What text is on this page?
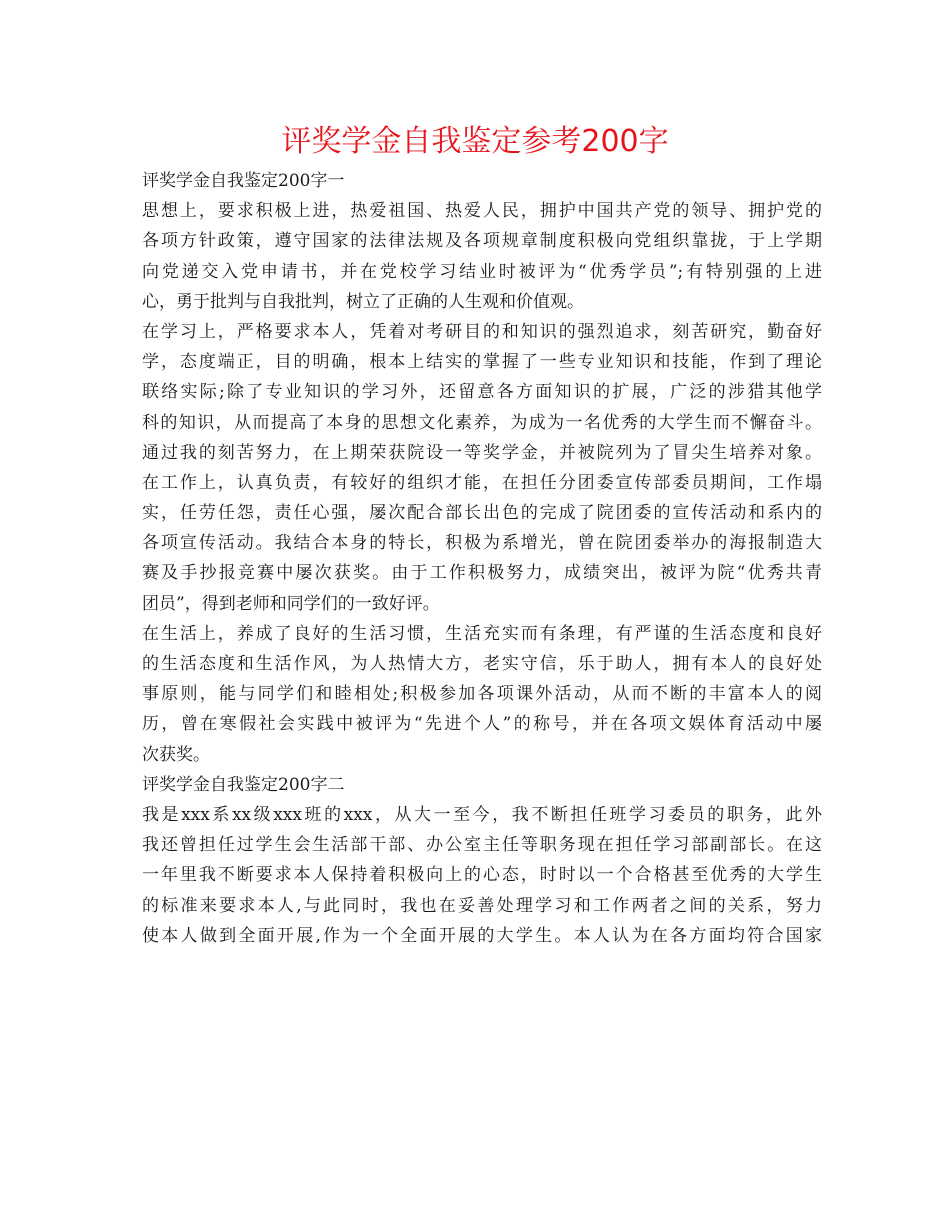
评奖学金自我鉴定参考200字
评奖学金自我鉴定200字一
思想上，要求积极上进，热爱祖国、热爱人民，拥护中国共产党的领导、拥护党的
各项方针政策，遵守国家的法律法规及各项规章制度积极向党组织靠拢，于上学期
向党递交入党申请书，并在党校学习结业时被评为“优秀学员”;有特别强的上进
心，勇于批判与自我批判，树立了正确的人生观和价值观。
在学习上，严格要求本人，凭着对考研目的和知识的强烈追求，刻苦研究，勤奋好
学，态度端正，目的明确，根本上结实的掌握了一些专业知识和技能，作到了理论
联络实际;除了专业知识的学习外，还留意各方面知识的扩展，广泛的涉猎其他学
科的知识，从而提高了本身的思想文化素养，为成为一名优秀的大学生而不懈奋斗。
通过我的刻苦努力，在上期荣获院设一等奖学金，并被院列为了冒尖生培养对象。
在工作上，认真负责，有较好的组织才能，在担任分团委宣传部委员期间，工作塌
实，任劳任怨，责任心强，屡次配合部长出色的完成了院团委的宣传活动和系内的
各项宣传活动。我结合本身的特长，积极为系增光，曾在院团委举办的海报制造大
赛及手抄报竞赛中屡次获奖。由于工作积极努力，成绩突出，被评为院“优秀共青
团员”，得到老师和同学们的一致好评。
在生活上，养成了良好的生活习惯，生活充实而有条理，有严谨的生活态度和良好
的生活态度和生活作风，为人热情大方，老实守信，乐于助人，拥有本人的良好处
事原则，能与同学们和睦相处;积极参加各项课外活动，从而不断的丰富本人的阅
历，曾在寒假社会实践中被评为“先进个人”的称号，并在各项文娱体育活动中屡
次获奖。
评奖学金自我鉴定200字二
我是xxx系xx级xxx班的xxx，从大一至今，我不断担任班学习委员的职务，此外
我还曾担任过学生会生活部干部、办公室主任等职务现在担任学习部副部长。在这
一年里我不断要求本人保持着积极向上的心态，时时以一个合格甚至优秀的大学生
的标准来要求本人,与此同时，我也在妥善处理学习和工作两者之间的关系，努力
使本人做到全面开展,作为一个全面开展的大学生。本人认为在各方面均符合国家
